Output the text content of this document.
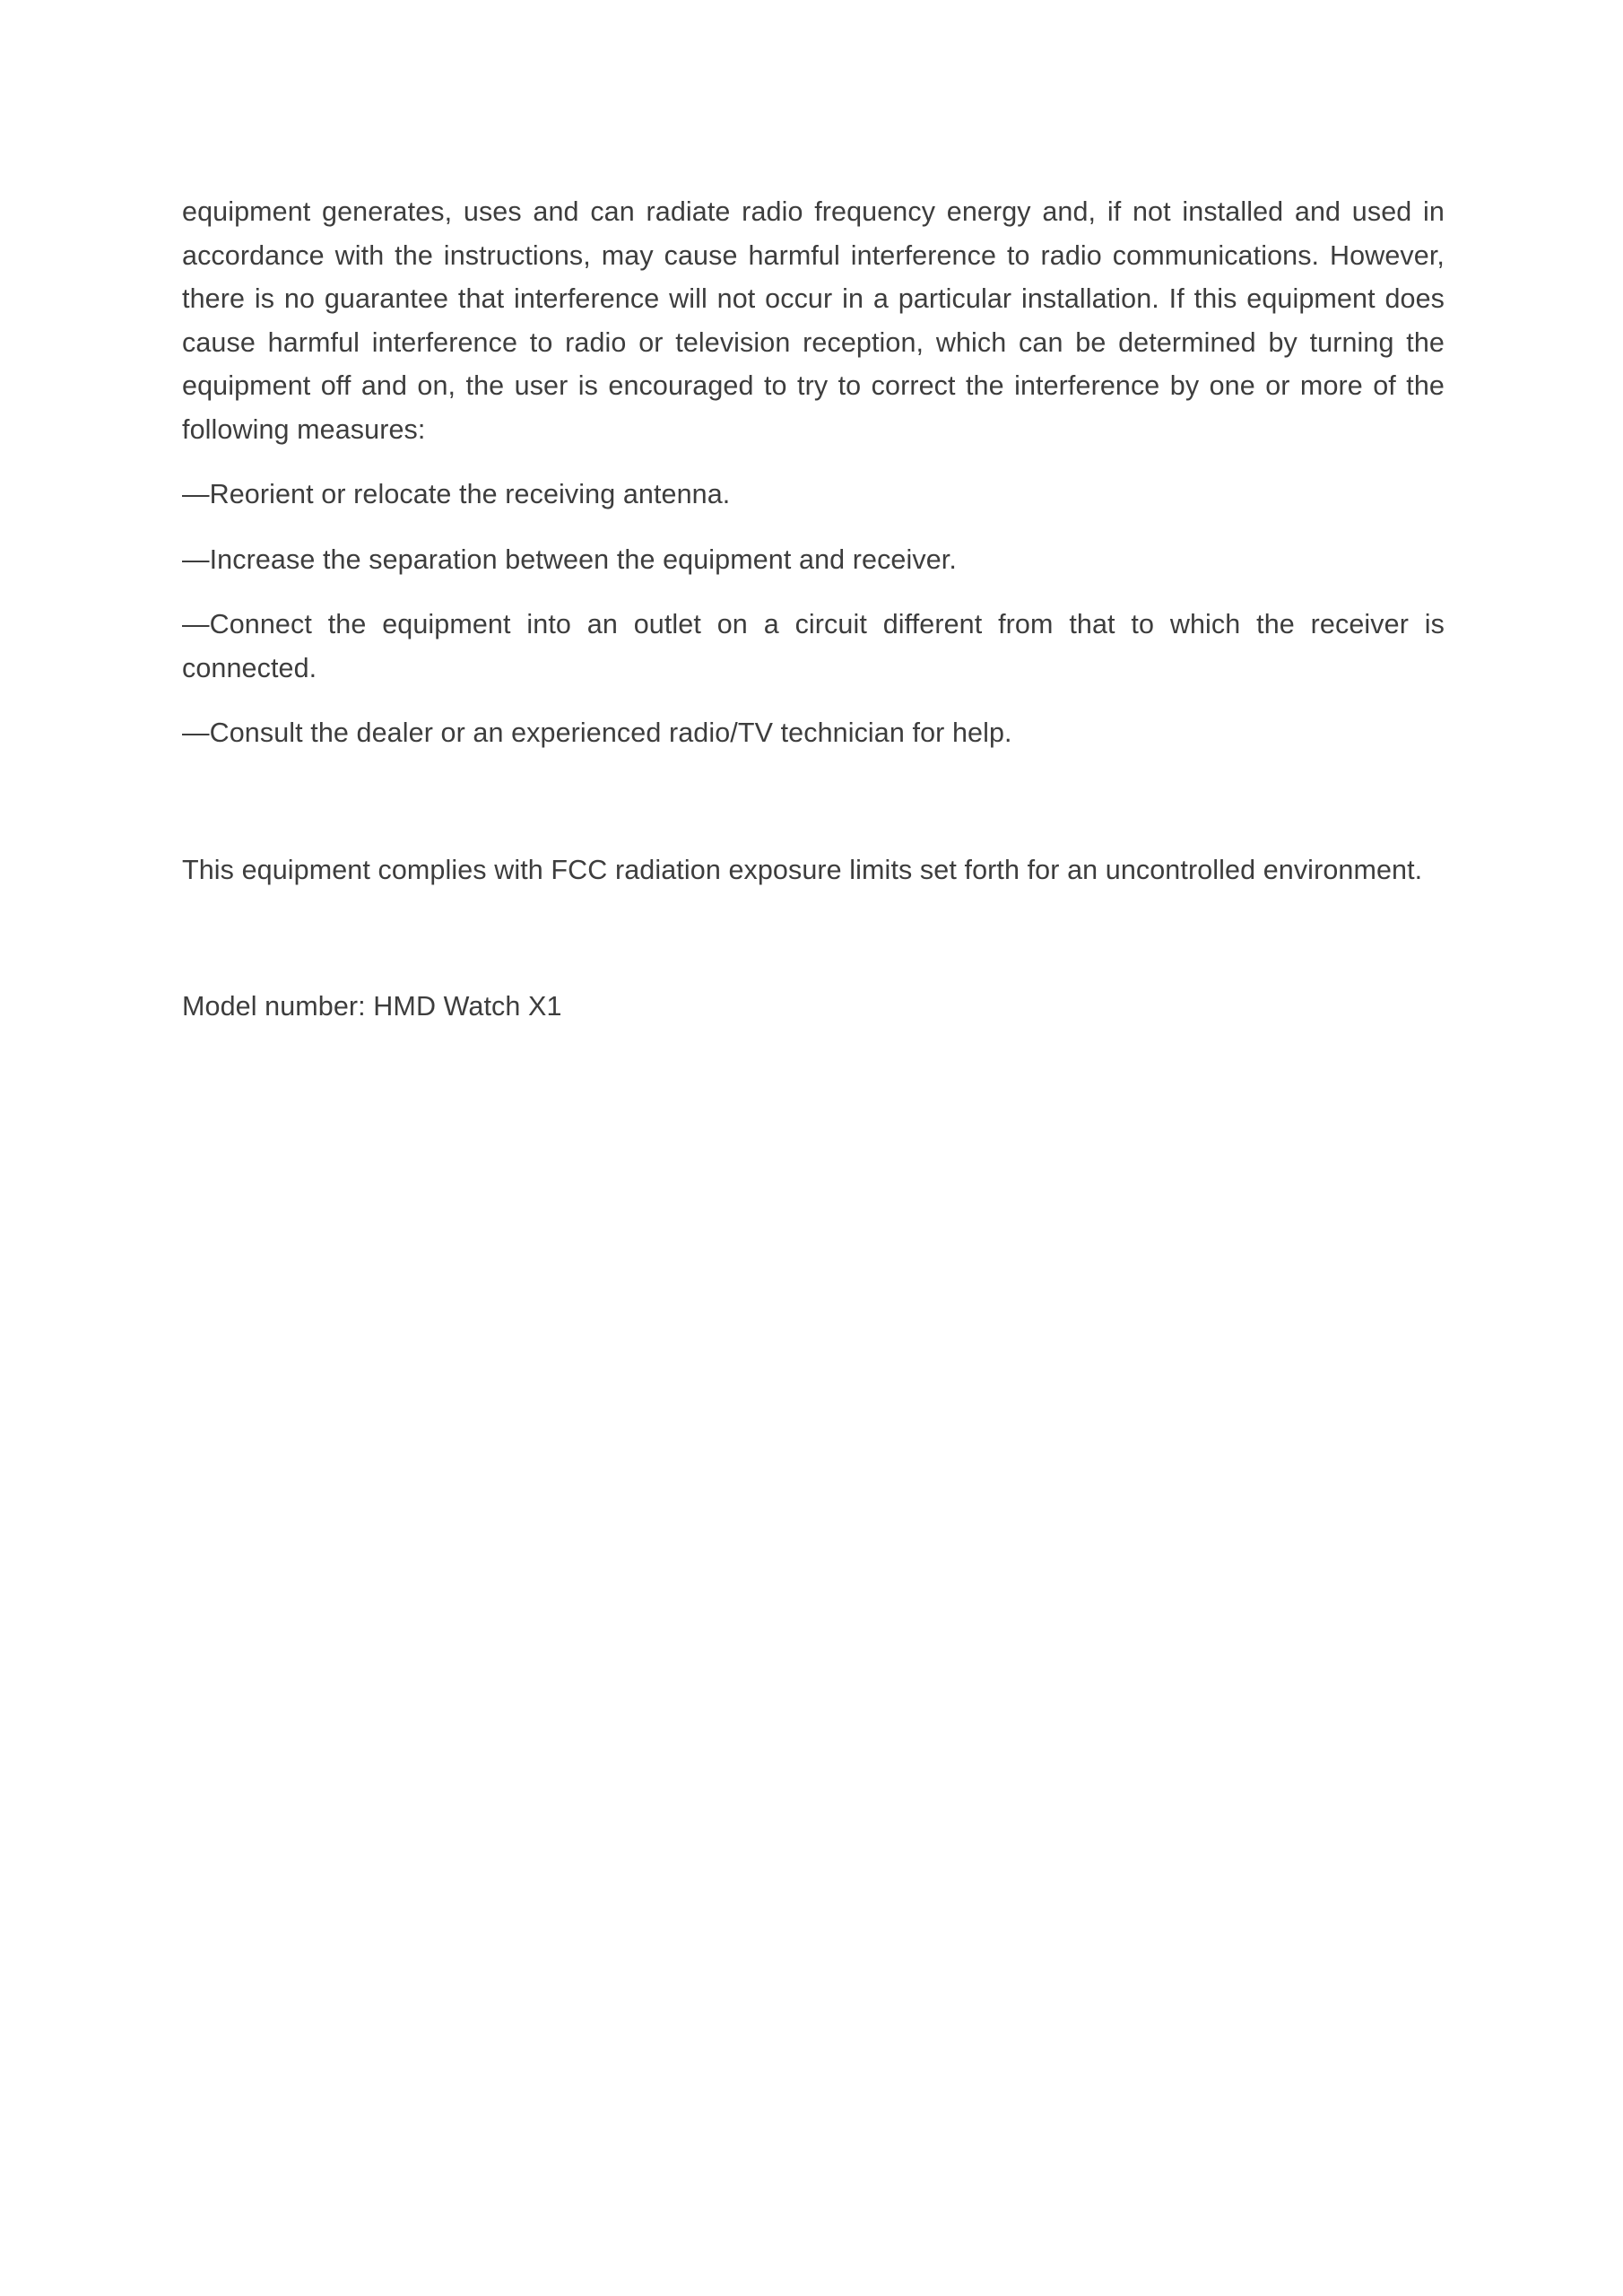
equipment generates, uses and can radiate radio frequency energy and, if not installed and used in accordance with the instructions, may cause harmful interference to radio communications. However, there is no guarantee that interference will not occur in a particular installation. If this equipment does cause harmful interference to radio or television reception, which can be determined by turning the equipment off and on, the user is encouraged to try to correct the interference by one or more of the following measures:

—Reorient or relocate the receiving antenna.

—Increase the separation between the equipment and receiver.

—Connect the equipment into an outlet on a circuit different from that to which the receiver is connected.

—Consult the dealer or an experienced radio/TV technician for help.

This equipment complies with FCC radiation exposure limits set forth for an uncontrolled environment.

Model number: HMD Watch X1
